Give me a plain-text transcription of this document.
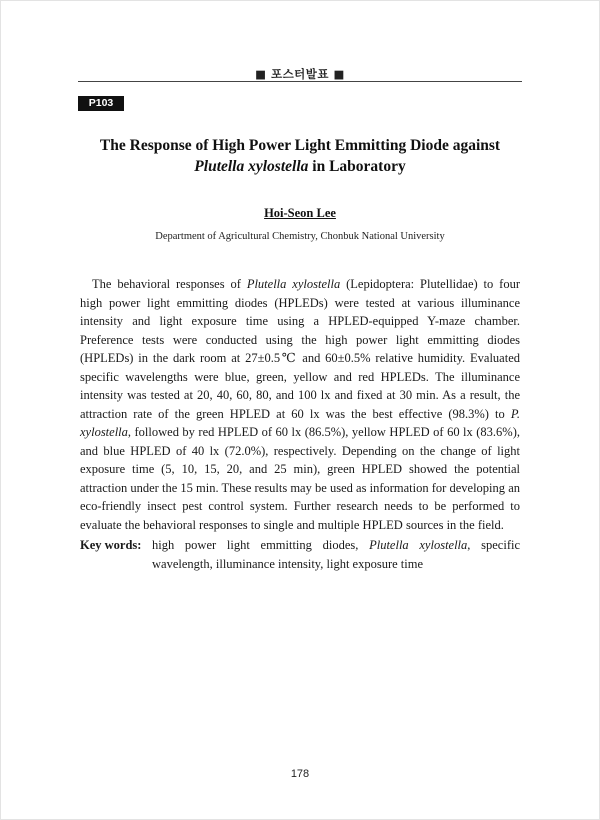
■ 포스터발표 ■
P103
The Response of High Power Light Emmitting Diode against
Plutella xylostella in Laboratory
Hoi-Seon Lee
Department of Agricultural Chemistry, Chonbuk National University

The behavioral responses of Plutella xylostella (Lepidoptera: Plutellidae) to four high power light emmitting diodes (HPLEDs) were tested at various illuminance intensity and light exposure time using a HPLED-equipped Y-maze chamber. Preference tests were conducted using the high power light emmitting diodes (HPLEDs) in the dark room at 27±0.5℃ and 60±0.5% relative humidity. Evaluated specific wavelengths were blue, green, yellow and red HPLEDs. The illuminance intensity was tested at 20, 40, 60, 80, and 100 lx and fixed at 30 min. As a result, the attraction rate of the green HPLED at 60 lx was the best effective (98.3%) to P. xylostella, followed by red HPLED of 60 lx (86.5%), yellow HPLED of 60 lx (83.6%), and blue HPLED of 40 lx (72.0%), respectively. Depending on the change of light exposure time (5, 10, 15, 20, and 25 min), green HPLED showed the potential attraction under the 15 min. These results may be used as information for developing an eco-friendly insect pest control system. Further research needs to be performed to evaluate the behavioral responses to single and multiple HPLED sources in the field.

Key words: high power light emmitting diodes, Plutella xylostella, specific wavelength, illuminance intensity, light exposure time
178
